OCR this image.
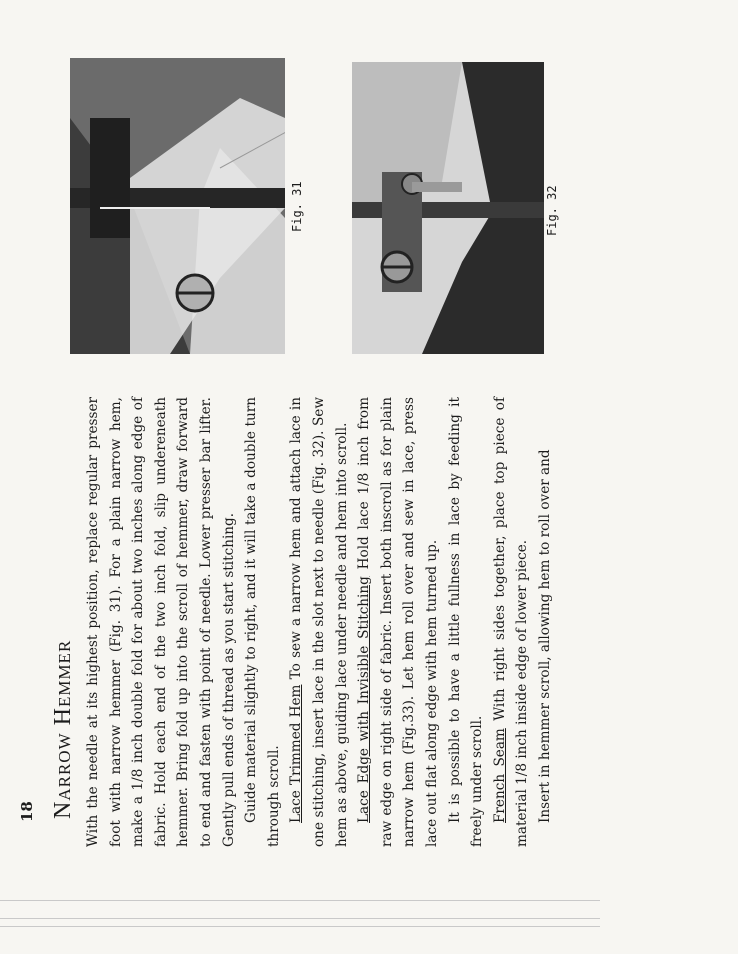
18 Narrow Hemmer With the needle at its highest position, replace regular presser foot with narrow hemmer (Fig. 31). For a plain narrow hem, make a 1/8 inch double fold for about two inches along edge of fabric. Hold each end of the two inch fold, slip undereneath hemmer. Bring fold up into the scroll of hemmer, draw forward to end and fasten with point of needle. Lower presser bar lifter. Gently pull ends of thread as you start stitching. Guide material slightly to right, and it will take a double turn through scroll. Lace Trimmed Hem To sew a narrow hem and attach lace in one stitching, insert lace in the slot next to needle (Fig. 32). Sew hem as above, guiding lace under needle and hem into scroll. Lace Edge with Invisible Stitching Hold lace 1/8 inch from raw edge on right side of fabric. Insert both inscroll as for plain narrow hem (Fig.33). Let hem roll over and sew in lace, press lace out flat along edge with hem turned up. It is possible to have a little fullness in lace by feeding it freely under scroll. French Seam With right sides together, place top piece of material 1/8 inch inside edge of lower piece. Insert in hemmer scroll, allowing hem to roll over and

Fig. 31	Fig. 32
